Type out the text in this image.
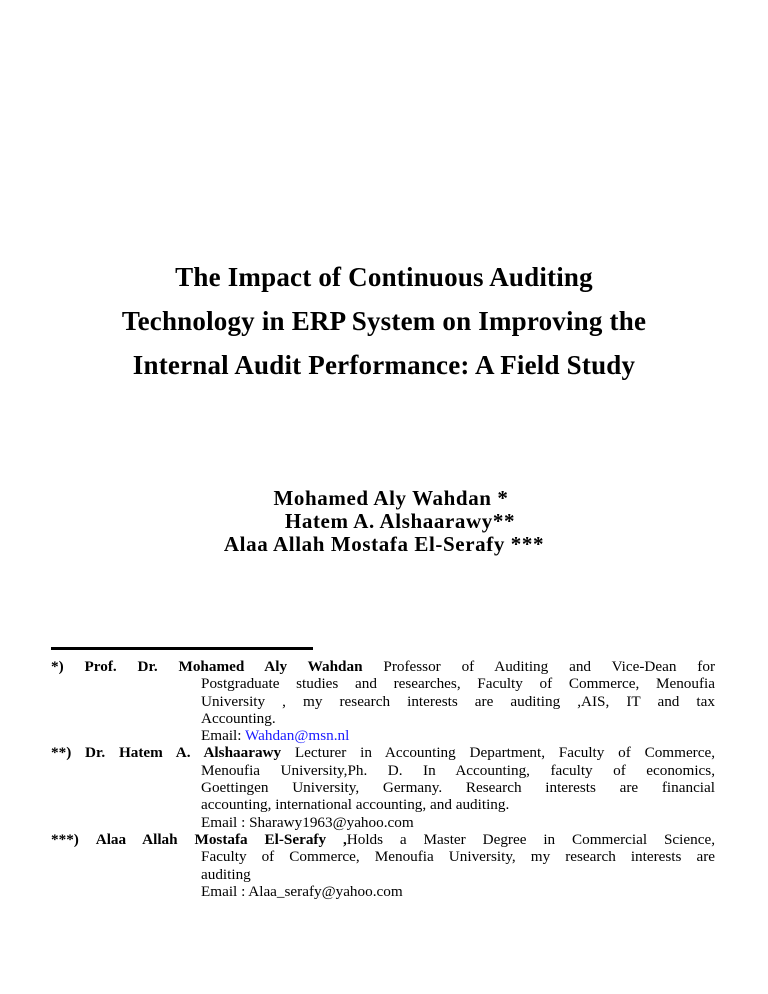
The Impact of Continuous Auditing
Technology in ERP System on Improving the
Internal Audit Performance: A Field Study
Mohamed Aly Wahdan *
Hatem A. Alshaarawy**
Alaa Allah Mostafa El-Serafy ***
*) Prof. Dr. Mohamed Aly Wahdan Professor of Auditing and Vice-Dean for
Postgraduate studies and researches, Faculty of Commerce, Menoufia
University , my research interests are auditing ,AIS, IT and tax
Accounting.
Email: Wahdan@msn.nl
**) Dr. Hatem A. Alshaarawy Lecturer in Accounting Department, Faculty of Commerce,
Menoufia University,Ph. D. In Accounting, faculty of economics,
Goettingen University, Germany. Research interests are financial
accounting, international accounting, and auditing.
Email : Sharawy1963@yahoo.com
***) Alaa Allah Mostafa El-Serafy ,Holds a Master Degree in Commercial Science,
Faculty of Commerce, Menoufia University, my research interests are
auditing
Email : Alaa_serafy@yahoo.com
